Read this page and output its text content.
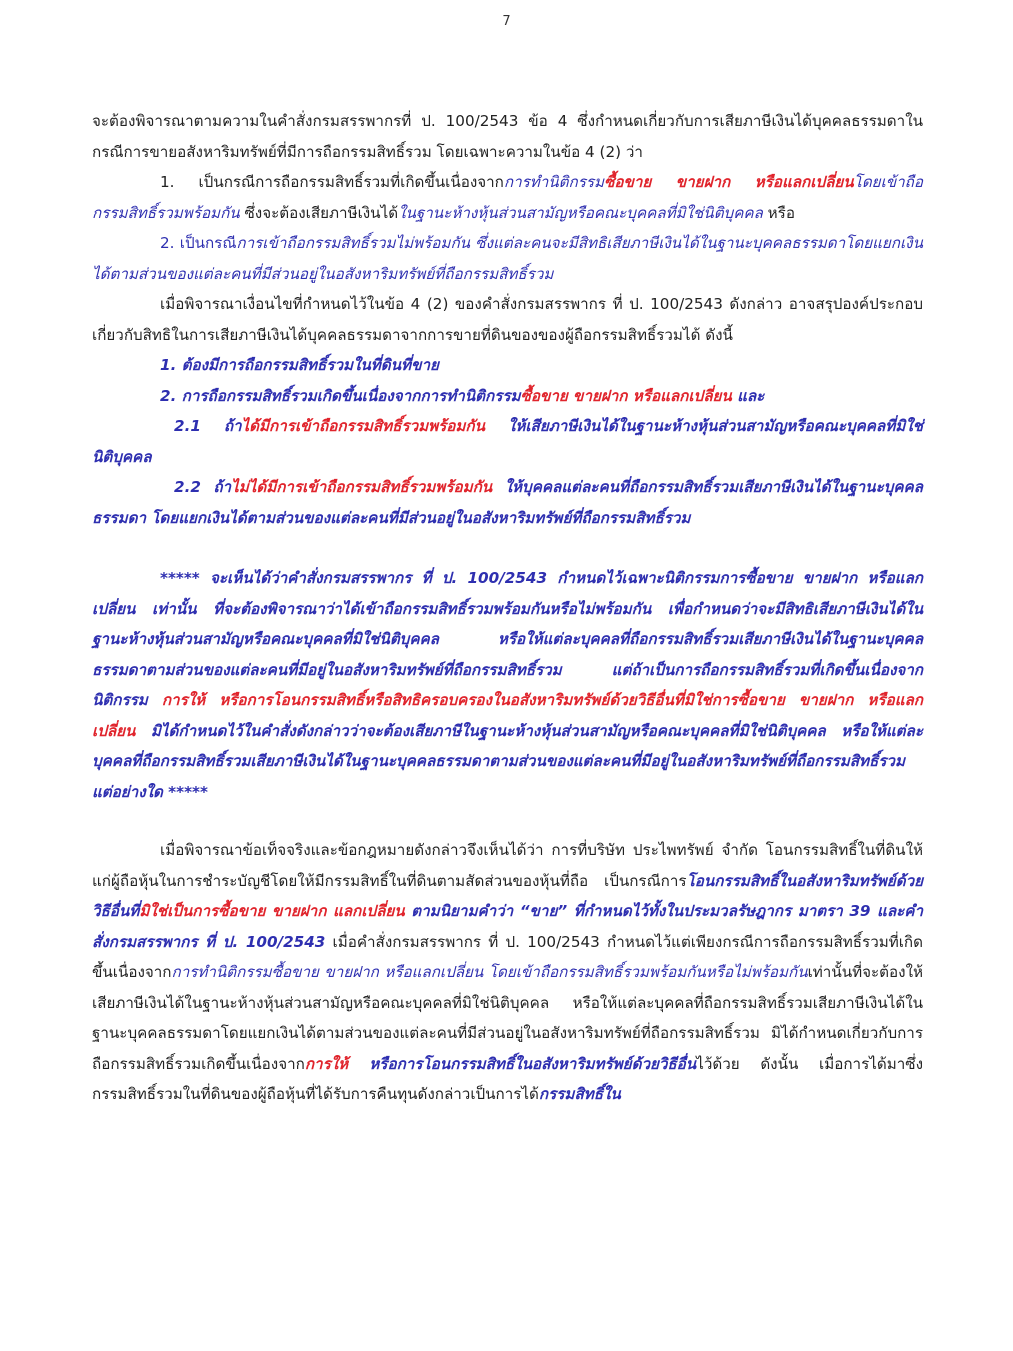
7

จะต้องพิจารณาตามความในคำสั่งกรมสรรพากรที่ ป. 100/2543 ข้อ 4 ซึ่งกำหนดเกี่ยวกับการเสียภาษีเงินได้บุคคลธรรมดาในกรณีการขายอสังหาริมทรัพย์ที่มีการถือกรรมสิทธิ์รวม โดยเฉพาะความในข้อ 4 (2) ว่า

1. เป็นกรณีการถือกรรมสิทธิ์รวมที่เกิดขึ้นเนื่องจากการทำนิติกรรมซื้อขาย ขายฝาก หรือแลกเปลี่ยนโดยเข้าถือกรรมสิทธิ์รวมพร้อมกัน ซึ่งจะต้องเสียภาษีเงินได้ในฐานะห้างหุ้นส่วนสามัญหรือคณะบุคคลที่มิใช่นิติบุคคล หรือ

2. เป็นกรณีการเข้าถือกรรมสิทธิ์รวมไม่พร้อมกัน ซึ่งแต่ละคนจะมีสิทธิเสียภาษีเงินได้ในฐานะบุคคลธรรมดาโดยแยกเงินได้ตามส่วนของแต่ละคนที่มีส่วนอยู่ในอสังหาริมทรัพย์ที่ถือกรรมสิทธิ์รวม

เมื่อพิจารณาเงื่อนไขที่กำหนดไว้ในข้อ 4 (2) ของคำสั่งกรมสรรพากร ที่ ป. 100/2543 ดังกล่าว อาจสรุปองค์ประกอบเกี่ยวกับสิทธิในการเสียภาษีเงินได้บุคคลธรรมดาจากการขายที่ดินของของผู้ถือกรรมสิทธิ์รวมได้ ดังนี้

1. ต้องมีการถือกรรมสิทธิ์รวมในที่ดินที่ขาย

2. การถือกรรมสิทธิ์รวมเกิดขึ้นเนื่องจากการทำนิติกรรมซื้อขาย ขายฝาก หรือแลกเปลี่ยน และ

2.1 ถ้าได้มีการเข้าถือกรรมสิทธิ์รวมพร้อมกัน ให้เสียภาษีเงินได้ในฐานะห้างหุ้นส่วนสามัญหรือคณะบุคคลที่มิใช่นิติบุคคล

2.2 ถ้าไม่ได้มีการเข้าถือกรรมสิทธิ์รวมพร้อมกัน ให้บุคคลแต่ละคนที่ถือกรรมสิทธิ์รวมเสียภาษีเงินได้ในฐานะบุคคลธรรมดา โดยแยกเงินได้ตามส่วนของแต่ละคนที่มีส่วนอยู่ในอสังหาริมทรัพย์ที่ถือกรรมสิทธิ์รวม

***** จะเห็นได้ว่าคำสั่งกรมสรรพากร ที่ ป. 100/2543 กำหนดไว้เฉพาะนิติกรรมการซื้อขาย ขายฝาก หรือแลกเปลี่ยน เท่านั้น ที่จะต้องพิจารณาว่าได้เข้าถือกรรมสิทธิ์รวมพร้อมกันหรือไม่พร้อมกัน เพื่อกำหนดว่าจะมีสิทธิเสียภาษีเงินได้ในฐานะห้างหุ้นส่วนสามัญหรือคณะบุคคลที่มิใช่นิติบุคคล หรือให้แต่ละบุคคลที่ถือกรรมสิทธิ์รวมเสียภาษีเงินได้ในฐานะบุคคลธรรมดาตามส่วนของแต่ละคนที่มีอยู่ในอสังหาริมทรัพย์ที่ถือกรรมสิทธิ์รวม แต่ถ้าเป็นการถือกรรมสิทธิ์รวมที่เกิดขึ้นเนื่องจากนิติกรรม การให้ หรือการโอนกรรมสิทธิ์หรือสิทธิครอบครองในอสังหาริมทรัพย์ด้วยวิธีอื่นที่มิใช่การซื้อขาย ขายฝาก หรือแลกเปลี่ยน มิได้กำหนดไว้ในคำสั่งดังกล่าวว่าจะต้องเสียภาษีในฐานะห้างหุ้นส่วนสามัญหรือคณะบุคคลที่มิใช่นิติบุคคล หรือให้แต่ละบุคคลที่ถือกรรมสิทธิ์รวมเสียภาษีเงินได้ในฐานะบุคคลธรรมดาตามส่วนของแต่ละคนที่มีอยู่ในอสังหาริมทรัพย์ที่ถือกรรมสิทธิ์รวมแต่อย่างใด *****

เมื่อพิจารณาข้อเท็จจริงและข้อกฎหมายดังกล่าวจึงเห็นได้ว่า การที่บริษัท ประไพทรัพย์ จำกัด โอนกรรมสิทธิ์ในที่ดินให้แก่ผู้ถือหุ้นในการชำระบัญชีโดยให้มีกรรมสิทธิ์ในที่ดินตามสัดส่วนของหุ้นที่ถือ เป็นกรณีการโอนกรรมสิทธิ์ในอสังหาริมทรัพย์ด้วยวิธีอื่นที่มิใช่เป็นการซื้อขาย ขายฝาก แลกเปลี่ยน ตามนิยามคำว่า “ขาย” ที่กำหนดไว้ทั้งในประมวลรัษฎากร มาตรา 39 และคำสั่งกรมสรรพากร ที่ ป. 100/2543 เมื่อคำสั่งกรมสรรพากร ที่ ป. 100/2543 กำหนดไว้แต่เพียงกรณีการถือกรรมสิทธิ์รวมที่เกิดขึ้นเนื่องจากการทำนิติกรรมซื้อขาย ขายฝาก หรือแลกเปลี่ยน โดยเข้าถือกรรมสิทธิ์รวมพร้อมกันหรือไม่พร้อมกันเท่านั้นที่จะต้องให้เสียภาษีเงินได้ในฐานะห้างหุ้นส่วนสามัญหรือคณะบุคคลที่มิใช่นิติบุคคล หรือให้แต่ละบุคคลที่ถือกรรมสิทธิ์รวมเสียภาษีเงินได้ในฐานะบุคคลธรรมดาโดยแยกเงินได้ตามส่วนของแต่ละคนที่มีส่วนอยู่ในอสังหาริมทรัพย์ที่ถือกรรมสิทธิ์รวม มิได้กำหนดเกี่ยวกับการถือกรรมสิทธิ์รวมเกิดขึ้นเนื่องจากการให้ หรือการโอนกรรมสิทธิ์ในอสังหาริมทรัพย์ด้วยวิธีอื่นไว้ด้วย ดังนั้น เมื่อการได้มาซึ่งกรรมสิทธิ์รวมในที่ดินของผู้ถือหุ้นที่ได้รับการคืนทุนดังกล่าวเป็นการได้กรรมสิทธิ์ใน
